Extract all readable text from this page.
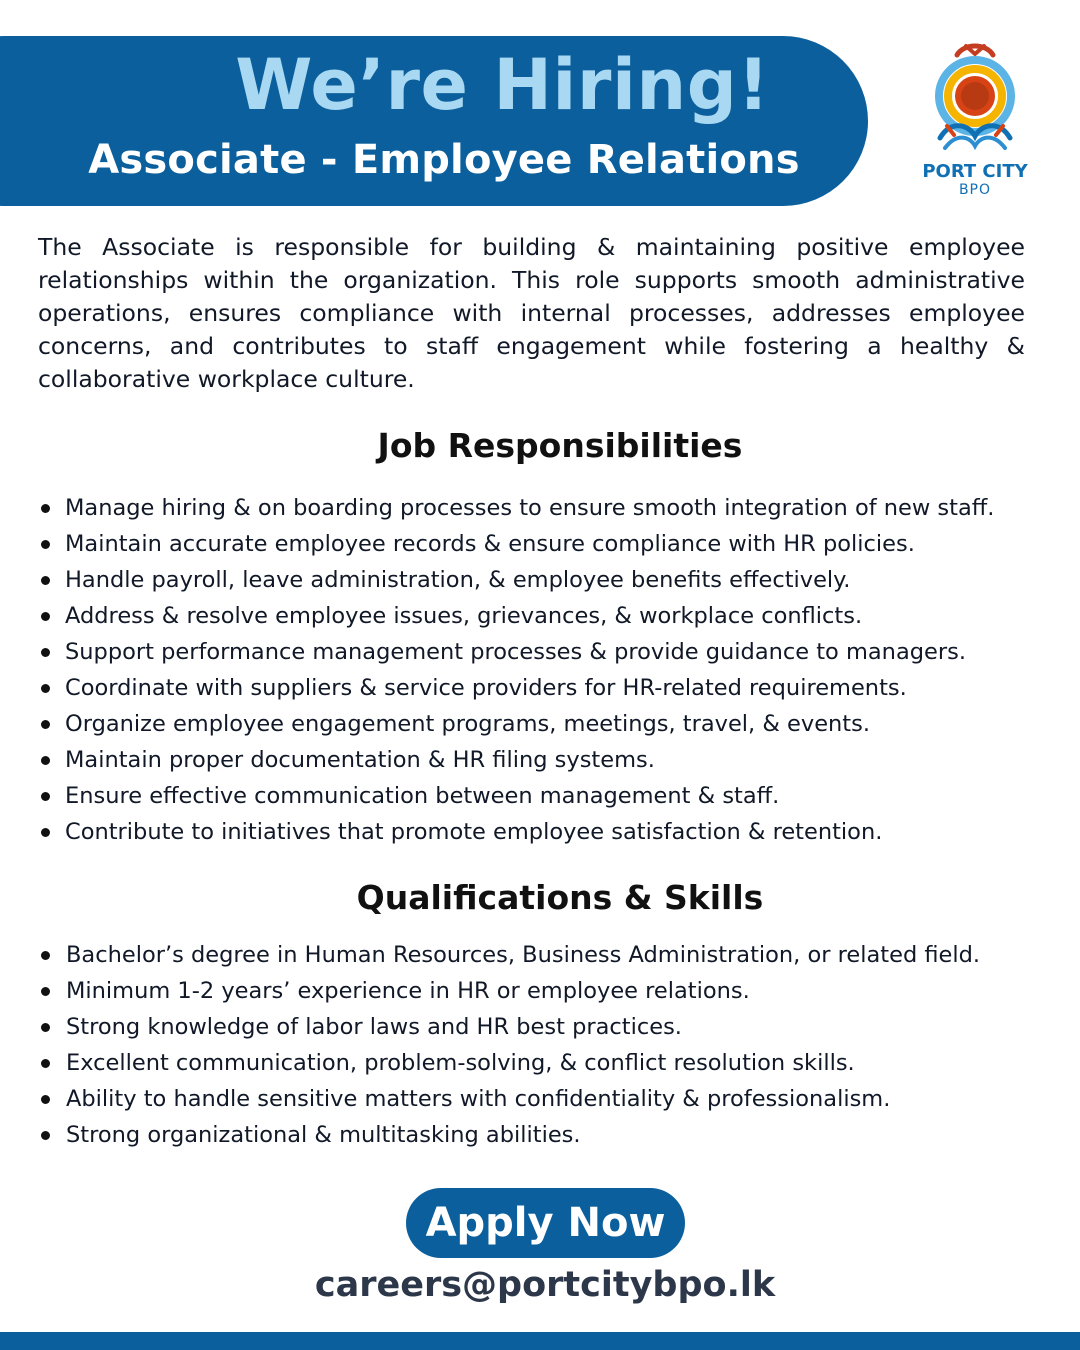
We’re Hiring!
Associate - Employee Relations	PORT CITY
BPO

The Associate is responsible for building & maintaining positive employee relationships within the organization. This role supports smooth administrative operations, ensures compliance with internal processes, addresses employee concerns, and contributes to staff engagement while fostering a healthy & collaborative workplace culture.

Job Responsibilities
Manage hiring & on boarding processes to ensure smooth integration of new staff.
Maintain accurate employee records & ensure compliance with HR policies.
Handle payroll, leave administration, & employee benefits effectively.
Address & resolve employee issues, grievances, & workplace conflicts.
Support performance management processes & provide guidance to managers.
Coordinate with suppliers & service providers for HR-related requirements.
Organize employee engagement programs, meetings, travel, & events.
Maintain proper documentation & HR filing systems.
Ensure effective communication between management & staff.
Contribute to initiatives that promote employee satisfaction & retention.
Qualifications & Skills
Bachelor’s degree in Human Resources, Business Administration, or related field.
Minimum 1-2 years’ experience in HR or employee relations.
Strong knowledge of labor laws and HR best practices.
Excellent communication, problem-solving, & conflict resolution skills.
Ability to handle sensitive matters with confidentiality & professionalism.
Strong organizational & multitasking abilities.
Apply Now
careers@portcitybpo.lk
